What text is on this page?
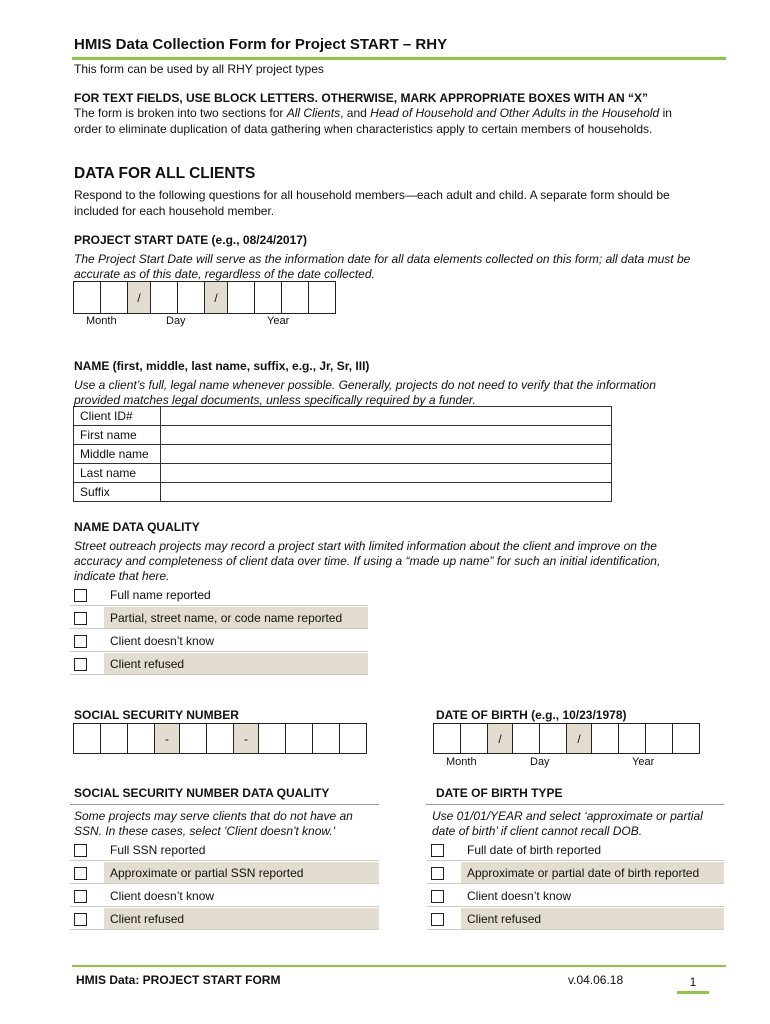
HMIS Data Collection Form for Project START – RHY
This form can be used by all RHY project types
FOR TEXT FIELDS, USE BLOCK LETTERS. OTHERWISE, MARK APPROPRIATE BOXES WITH AN “X”
The form is broken into two sections for All Clients, and Head of Household and Other Adults in the Household in
order to eliminate duplication of data gathering when characteristics apply to certain members of households.
DATA FOR ALL CLIENTS
Respond to the following questions for all household members—each adult and child. A separate form should be
included for each household member.
PROJECT START DATE (e.g., 08/24/2017)
The Project Start Date will serve as the information date for all data elements collected on this form; all data must be
accurate as of this date, regardless of the date collected.
		/			/				
Month	Day	Year
NAME (first, middle, last name, suffix, e.g., Jr, Sr, III)
Use a client’s full, legal name whenever possible. Generally, projects do not need to verify that the information
provided matches legal documents, unless specifically required by a funder.
Client ID#	
First name	
Middle name	
Last name	
Suffix	
NAME DATA QUALITY
Street outreach projects may record a project start with limited information about the client and improve on the
accuracy and completeness of client data over time. If using a “made up name” for such an initial identification,
indicate that here.
Full name reported
Partial, street name, or code name reported
Client doesn’t know
Client refused
SOCIAL SECURITY NUMBER
			-			-				
DATE OF BIRTH (e.g., 10/23/1978)
		/			/				
Month	Day	Year
SOCIAL SECURITY NUMBER DATA QUALITY
Some projects may serve clients that do not have an
SSN. In these cases, select 'Client doesn't know.'
Full SSN reported
Approximate or partial SSN reported
Client doesn’t know
Client refused
DATE OF BIRTH TYPE
Use 01/01/YEAR and select ‘approximate or partial
date of birth’ if client cannot recall DOB.
Full date of birth reported
Approximate or partial date of birth reported
Client doesn’t know
Client refused
HMIS Data: PROJECT START FORM	v.04.06.18	1
